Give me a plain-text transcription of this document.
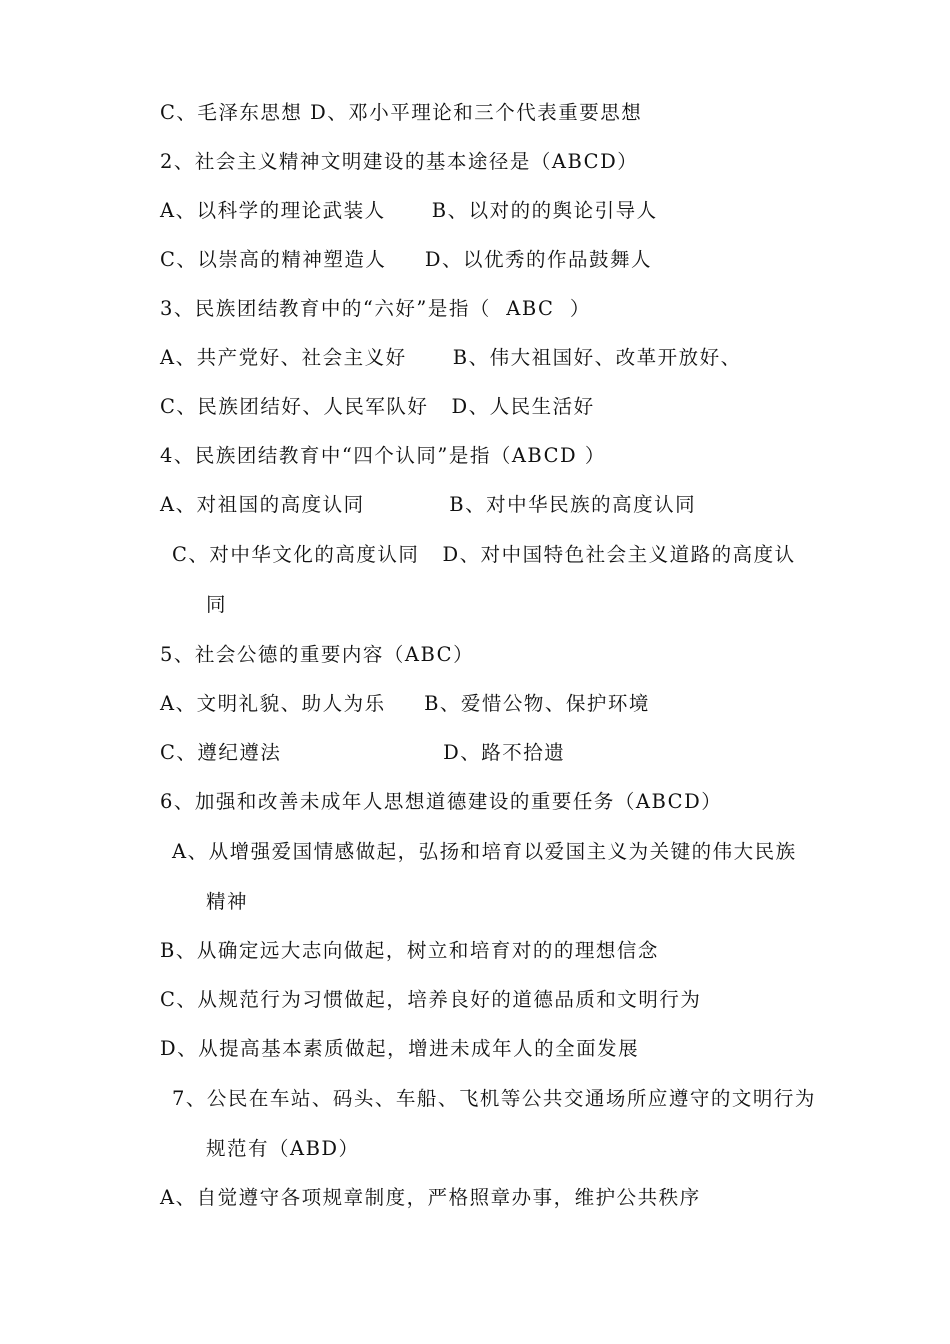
C、毛泽东思想 D、邓小平理论和三个代表重要思想
2、社会主义精神文明建设的基本途径是（ABCD）
A、以科学的理论武装人      B、以对的的舆论引导人
C、以崇高的精神塑造人     D、以优秀的作品鼓舞人
3、民族团结教育中的“六好”是指（  ABC  ）
A、共产党好、社会主义好      B、伟大祖国好、改革开放好、
C、民族团结好、人民军队好   D、人民生活好
4、民族团结教育中“四个认同”是指（ABCD ）
A、对祖国的高度认同           B、对中华民族的高度认同
C、对中华文化的高度认同   D、对中国特色社会主义道路的高度认
同
5、社会公德的重要内容（ABC）
A、文明礼貌、助人为乐     B、爱惜公物、保护环境
C、遵纪遵法                     D、路不拾遗
6、加强和改善未成年人思想道德建设的重要任务（ABCD）
A、从增强爱国情感做起，弘扬和培育以爱国主义为关键的伟大民族
精神
B、从确定远大志向做起，树立和培育对的的理想信念
C、从规范行为习惯做起，培养良好的道德品质和文明行为
D、从提高基本素质做起，增进未成年人的全面发展
7、公民在车站、码头、车船、飞机等公共交通场所应遵守的文明行为
规范有（ABD）
A、自觉遵守各项规章制度，严格照章办事，维护公共秩序
